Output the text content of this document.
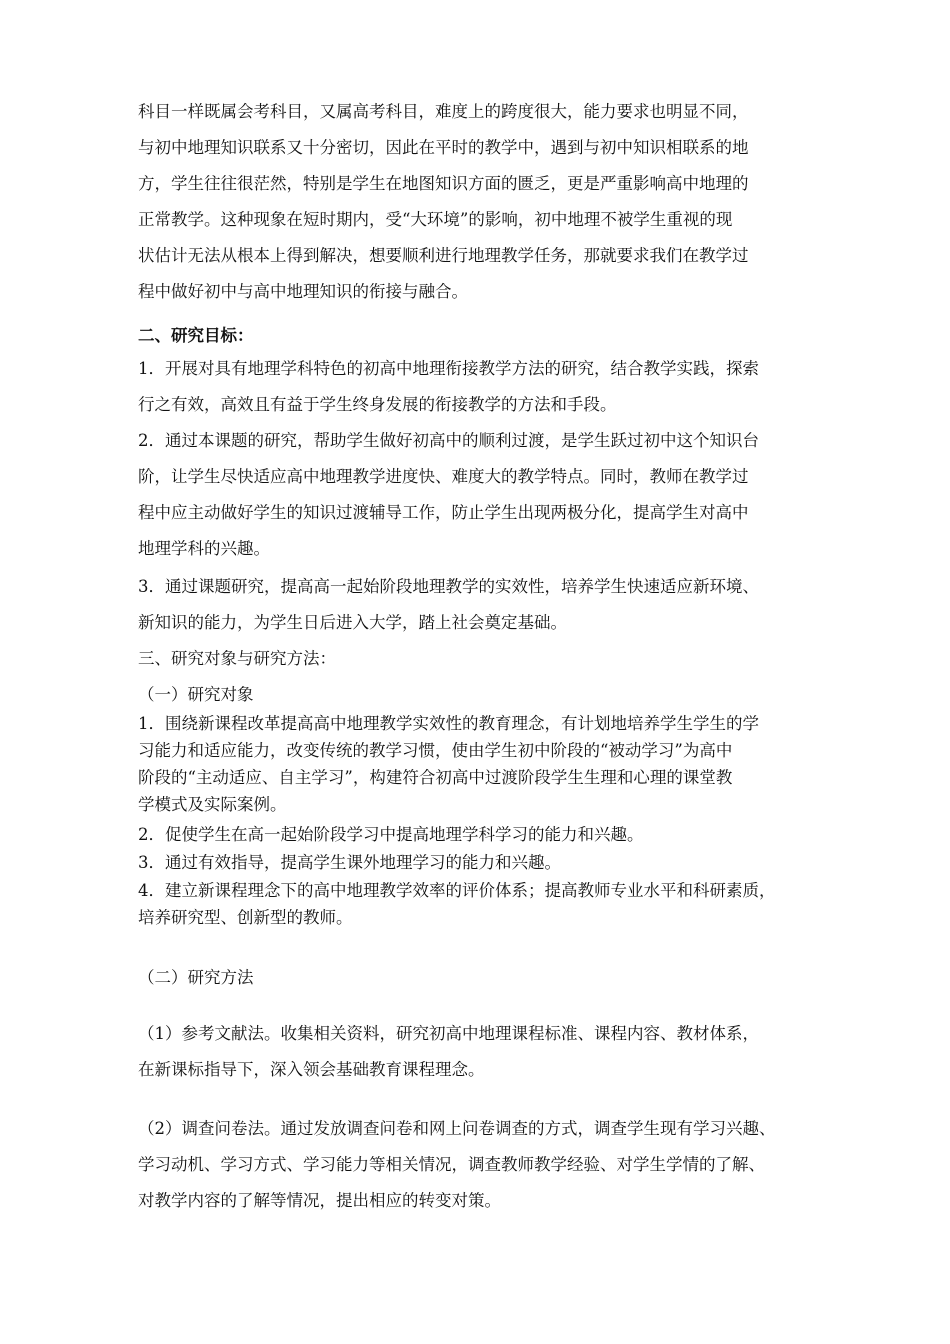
科目一样既属会考科目，又属高考科目，难度上的跨度很大，能力要求也明显不同，
与初中地理知识联系又十分密切，因此在平时的教学中，遇到与初中知识相联系的地
方，学生往往很茫然，特别是学生在地图知识方面的匮乏，更是严重影响高中地理的
正常教学。这种现象在短时期内，受“大环境”的影响，初中地理不被学生重视的现
状估计无法从根本上得到解决，想要顺利进行地理教学任务，那就要求我们在教学过
程中做好初中与高中地理知识的衔接与融合。
二、研究目标：
1．开展对具有地理学科特色的初高中地理衔接教学方法的研究，结合教学实践，探索
行之有效，高效且有益于学生终身发展的衔接教学的方法和手段。
2．通过本课题的研究，帮助学生做好初高中的顺利过渡，是学生跃过初中这个知识台
阶，让学生尽快适应高中地理教学进度快、难度大的教学特点。同时，教师在教学过
程中应主动做好学生的知识过渡辅导工作，防止学生出现两极分化，提高学生对高中
地理学科的兴趣。
3．通过课题研究，提高高一起始阶段地理教学的实效性，培养学生快速适应新环境、
新知识的能力，为学生日后进入大学，踏上社会奠定基础。
三、研究对象与研究方法：
（一）研究对象
1．围绕新课程改革提高高中地理教学实效性的教育理念，有计划地培养学生学生的学
习能力和适应能力，改变传统的教学习惯，使由学生初中阶段的“被动学习”为高中
阶段的“主动适应、自主学习”，构建符合初高中过渡阶段学生生理和心理的课堂教
学模式及实际案例。
2．促使学生在高一起始阶段学习中提高地理学科学习的能力和兴趣。
3．通过有效指导，提高学生课外地理学习的能力和兴趣。
4．建立新课程理念下的高中地理教学效率的评价体系；提高教师专业水平和科研素质，
培养研究型、创新型的教师。
（二）研究方法
（1）参考文献法。收集相关资料，研究初高中地理课程标准、课程内容、教材体系，
在新课标指导下，深入领会基础教育课程理念。
（2）调查问卷法。通过发放调查问卷和网上问卷调查的方式，调查学生现有学习兴趣、
学习动机、学习方式、学习能力等相关情况，调查教师教学经验、对学生学情的了解、
对教学内容的了解等情况，提出相应的转变对策。
